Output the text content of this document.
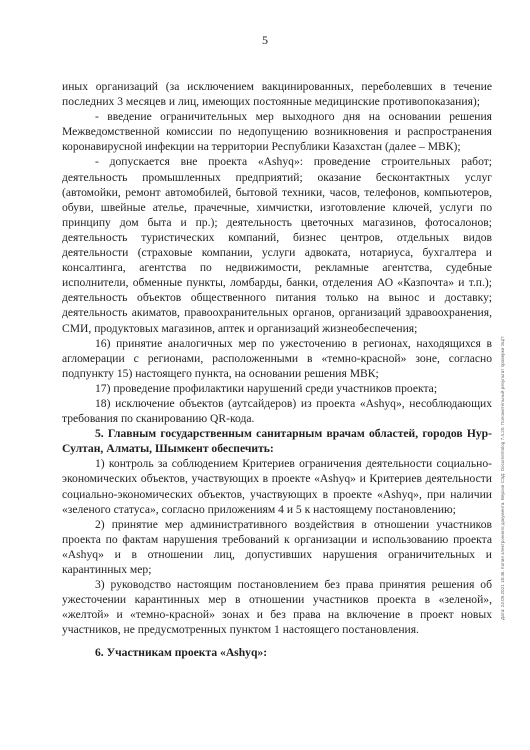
5

иных организаций (за исключением вакцинированных, переболевших в течение последних 3 месяцев и лиц, имеющих постоянные медицинские противопоказания);

- введение ограничительных мер выходного дня на основании решения Межведомственной комиссии по недопущению возникновения и распространения коронавирусной инфекции на территории Республики Казахстан (далее – МВК);

- допускается вне проекта «Ashyq»: проведение строительных работ; деятельность промышленных предприятий; оказание бесконтактных услуг (автомойки, ремонт автомобилей, бытовой техники, часов, телефонов, компьютеров, обуви, швейные ателье, прачечные, химчистки, изготовление ключей, услуги по принципу дом быта и пр.); деятельность цветочных магазинов, фотосалонов; деятельность туристических компаний, бизнес центров, отдельных видов деятельности (страховые компании, услуги адвоката, нотариуса, бухгалтера и консалтинга, агентства по недвижимости, рекламные агентства, судебные исполнители, обменные пункты, ломбарды, банки, отделения АО «Казпочта» и т.п.); деятельность объектов общественного питания только на вынос и доставку; деятельность акиматов, правоохранительных органов, организаций здравоохранения, СМИ, продуктовых магазинов, аптек и организаций жизнеобеспечения;

16) принятие аналогичных мер по ужесточению в регионах, находящихся в агломерации с регионами, расположенными в «темно-красной» зоне, согласно подпункту 15) настоящего пункта, на основании решения МВК;

17) проведение профилактики нарушений среди участников проекта;

18) исключение объектов (аутсайдеров) из проекта «Ashyq», несоблюдающих требования по сканированию QR-кода.

5. Главным государственным санитарным врачам областей, городов Нур-Султан, Алматы, Шымкент обеспечить:

1) контроль за соблюдением Критериев ограничения деятельности социально-экономических объектов, участвующих в проекте «Ashyq» и Критериев деятельности социально-экономических объектов, участвующих в проекте «Ashyq», при наличии «зеленого статуса», согласно приложениям 4 и 5 к настоящему постановлению;

2) принятие мер административного воздействия в отношении участников проекта по фактам нарушения требований к организации и использованию проекта «Ashyq» и в отношении лиц, допустивших нарушения ограничительных и карантинных мер;

3) руководство настоящим постановлением без права принятия решения об ужесточении карантинных мер в отношении участников проекта в «зеленой», «желтой» и «темно-красной» зонах и без права на включение в проект новых участников, не предусмотренных пунктом 1 настоящего постановления.

6. Участникам проекта «Ashyq»:

Дата: 24.09.2021 18:46. Копия электронного документа. Версия СЭД: Documentolog 7.4.20. Положительный результат проверки ЭЦП
